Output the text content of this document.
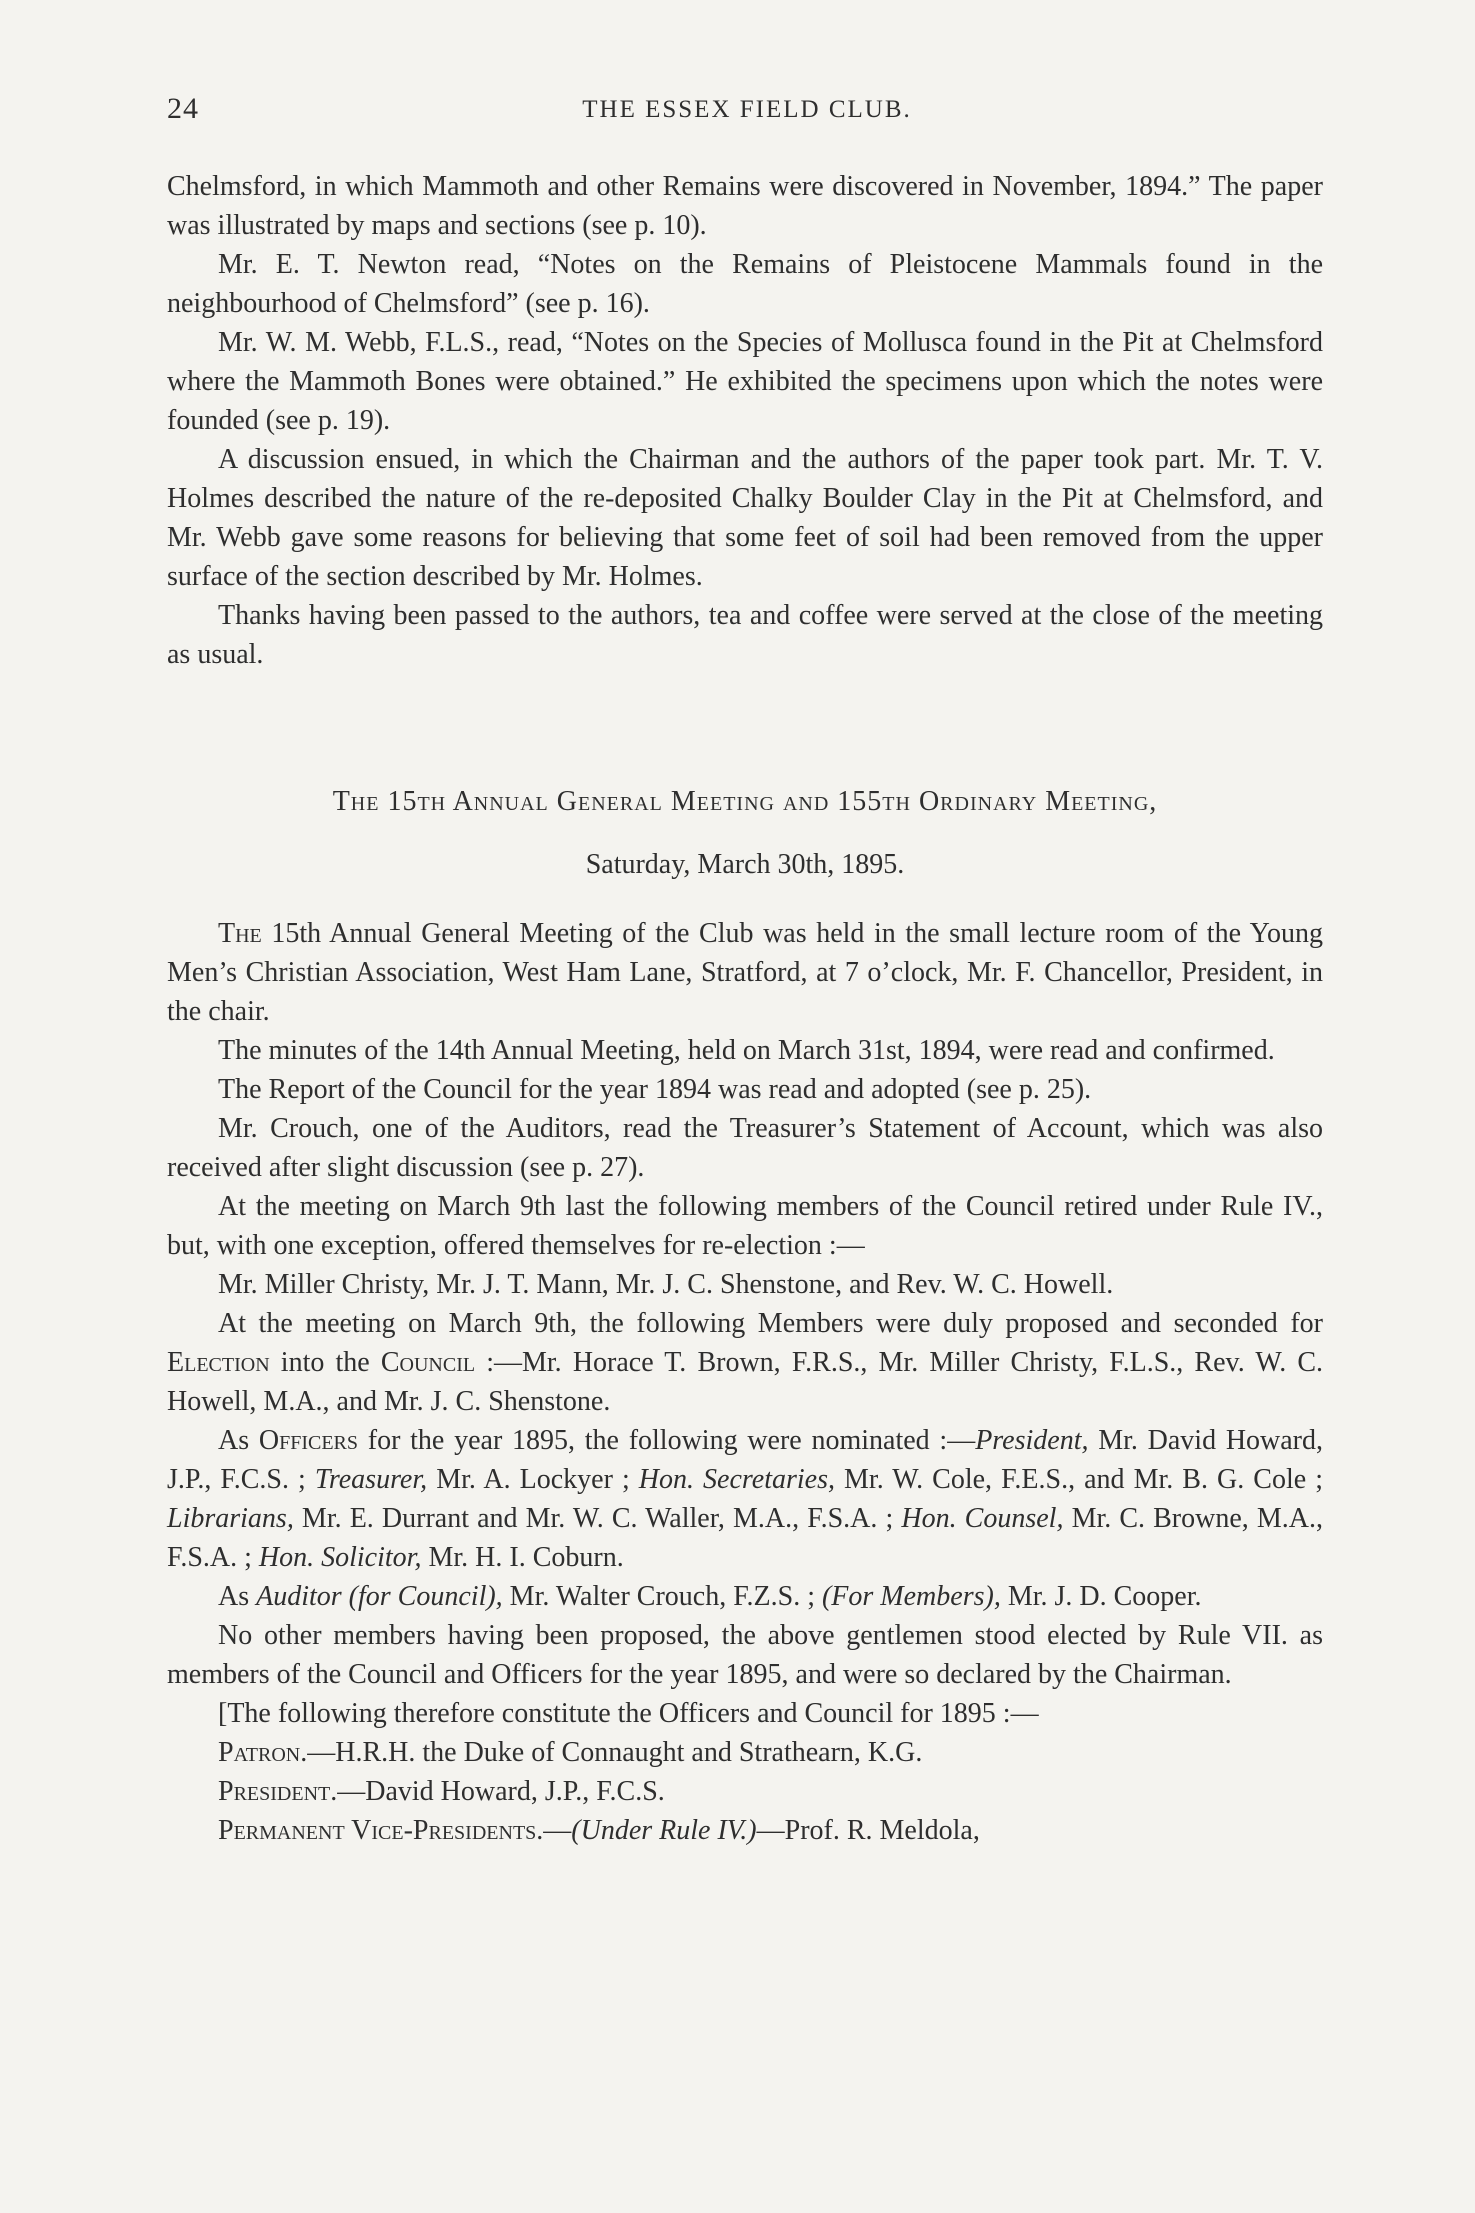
24	THE ESSEX FIELD CLUB.

Chelmsford, in which Mammoth and other Remains were discovered in November, 1894.” The paper was illustrated by maps and sections (see p. 10).

Mr. E. T. Newton read, “Notes on the Remains of Pleistocene Mammals found in the neighbourhood of Chelmsford” (see p. 16).

Mr. W. M. Webb, F.L.S., read, “Notes on the Species of Mollusca found in the Pit at Chelmsford where the Mammoth Bones were obtained.” He exhibited the specimens upon which the notes were founded (see p. 19).

A discussion ensued, in which the Chairman and the authors of the paper took part. Mr. T. V. Holmes described the nature of the re-deposited Chalky Boulder Clay in the Pit at Chelmsford, and Mr. Webb gave some reasons for believing that some feet of soil had been removed from the upper surface of the section described by Mr. Holmes.

Thanks having been passed to the authors, tea and coffee were served at the close of the meeting as usual.

The 15th Annual General Meeting and 155th Ordinary Meeting,
Saturday, March 30th, 1895.

The 15th Annual General Meeting of the Club was held in the small lecture room of the Young Men’s Christian Association, West Ham Lane, Stratford, at 7 o’clock, Mr. F. Chancellor, President, in the chair.

The minutes of the 14th Annual Meeting, held on March 31st, 1894, were read and confirmed.

The Report of the Council for the year 1894 was read and adopted (see p. 25).

Mr. Crouch, one of the Auditors, read the Treasurer’s Statement of Account, which was also received after slight discussion (see p. 27).

At the meeting on March 9th last the following members of the Council retired under Rule IV., but, with one exception, offered themselves for re-election :—

Mr. Miller Christy, Mr. J. T. Mann, Mr. J. C. Shenstone, and Rev. W. C. Howell.

At the meeting on March 9th, the following Members were duly proposed and seconded for Election into the Council :—Mr. Horace T. Brown, F.R.S., Mr. Miller Christy, F.L.S., Rev. W. C. Howell, M.A., and Mr. J. C. Shenstone.

As Officers for the year 1895, the following were nominated :—President, Mr. David Howard, J.P., F.C.S. ; Treasurer, Mr. A. Lockyer ; Hon. Secretaries, Mr. W. Cole, F.E.S., and Mr. B. G. Cole ; Librarians, Mr. E. Durrant and Mr. W. C. Waller, M.A., F.S.A. ; Hon. Counsel, Mr. C. Browne, M.A., F.S.A. ; Hon. Solicitor, Mr. H. I. Coburn.

As Auditor (for Council), Mr. Walter Crouch, F.Z.S. ; (For Members), Mr. J. D. Cooper.

No other members having been proposed, the above gentlemen stood elected by Rule VII. as members of the Council and Officers for the year 1895, and were so declared by the Chairman.

[The following therefore constitute the Officers and Council for 1895 :—

Patron.—H.R.H. the Duke of Connaught and Strathearn, K.G.

President.—David Howard, J.P., F.C.S.

Permanent Vice-Presidents.—(Under Rule IV.)—Prof. R. Meldola,
